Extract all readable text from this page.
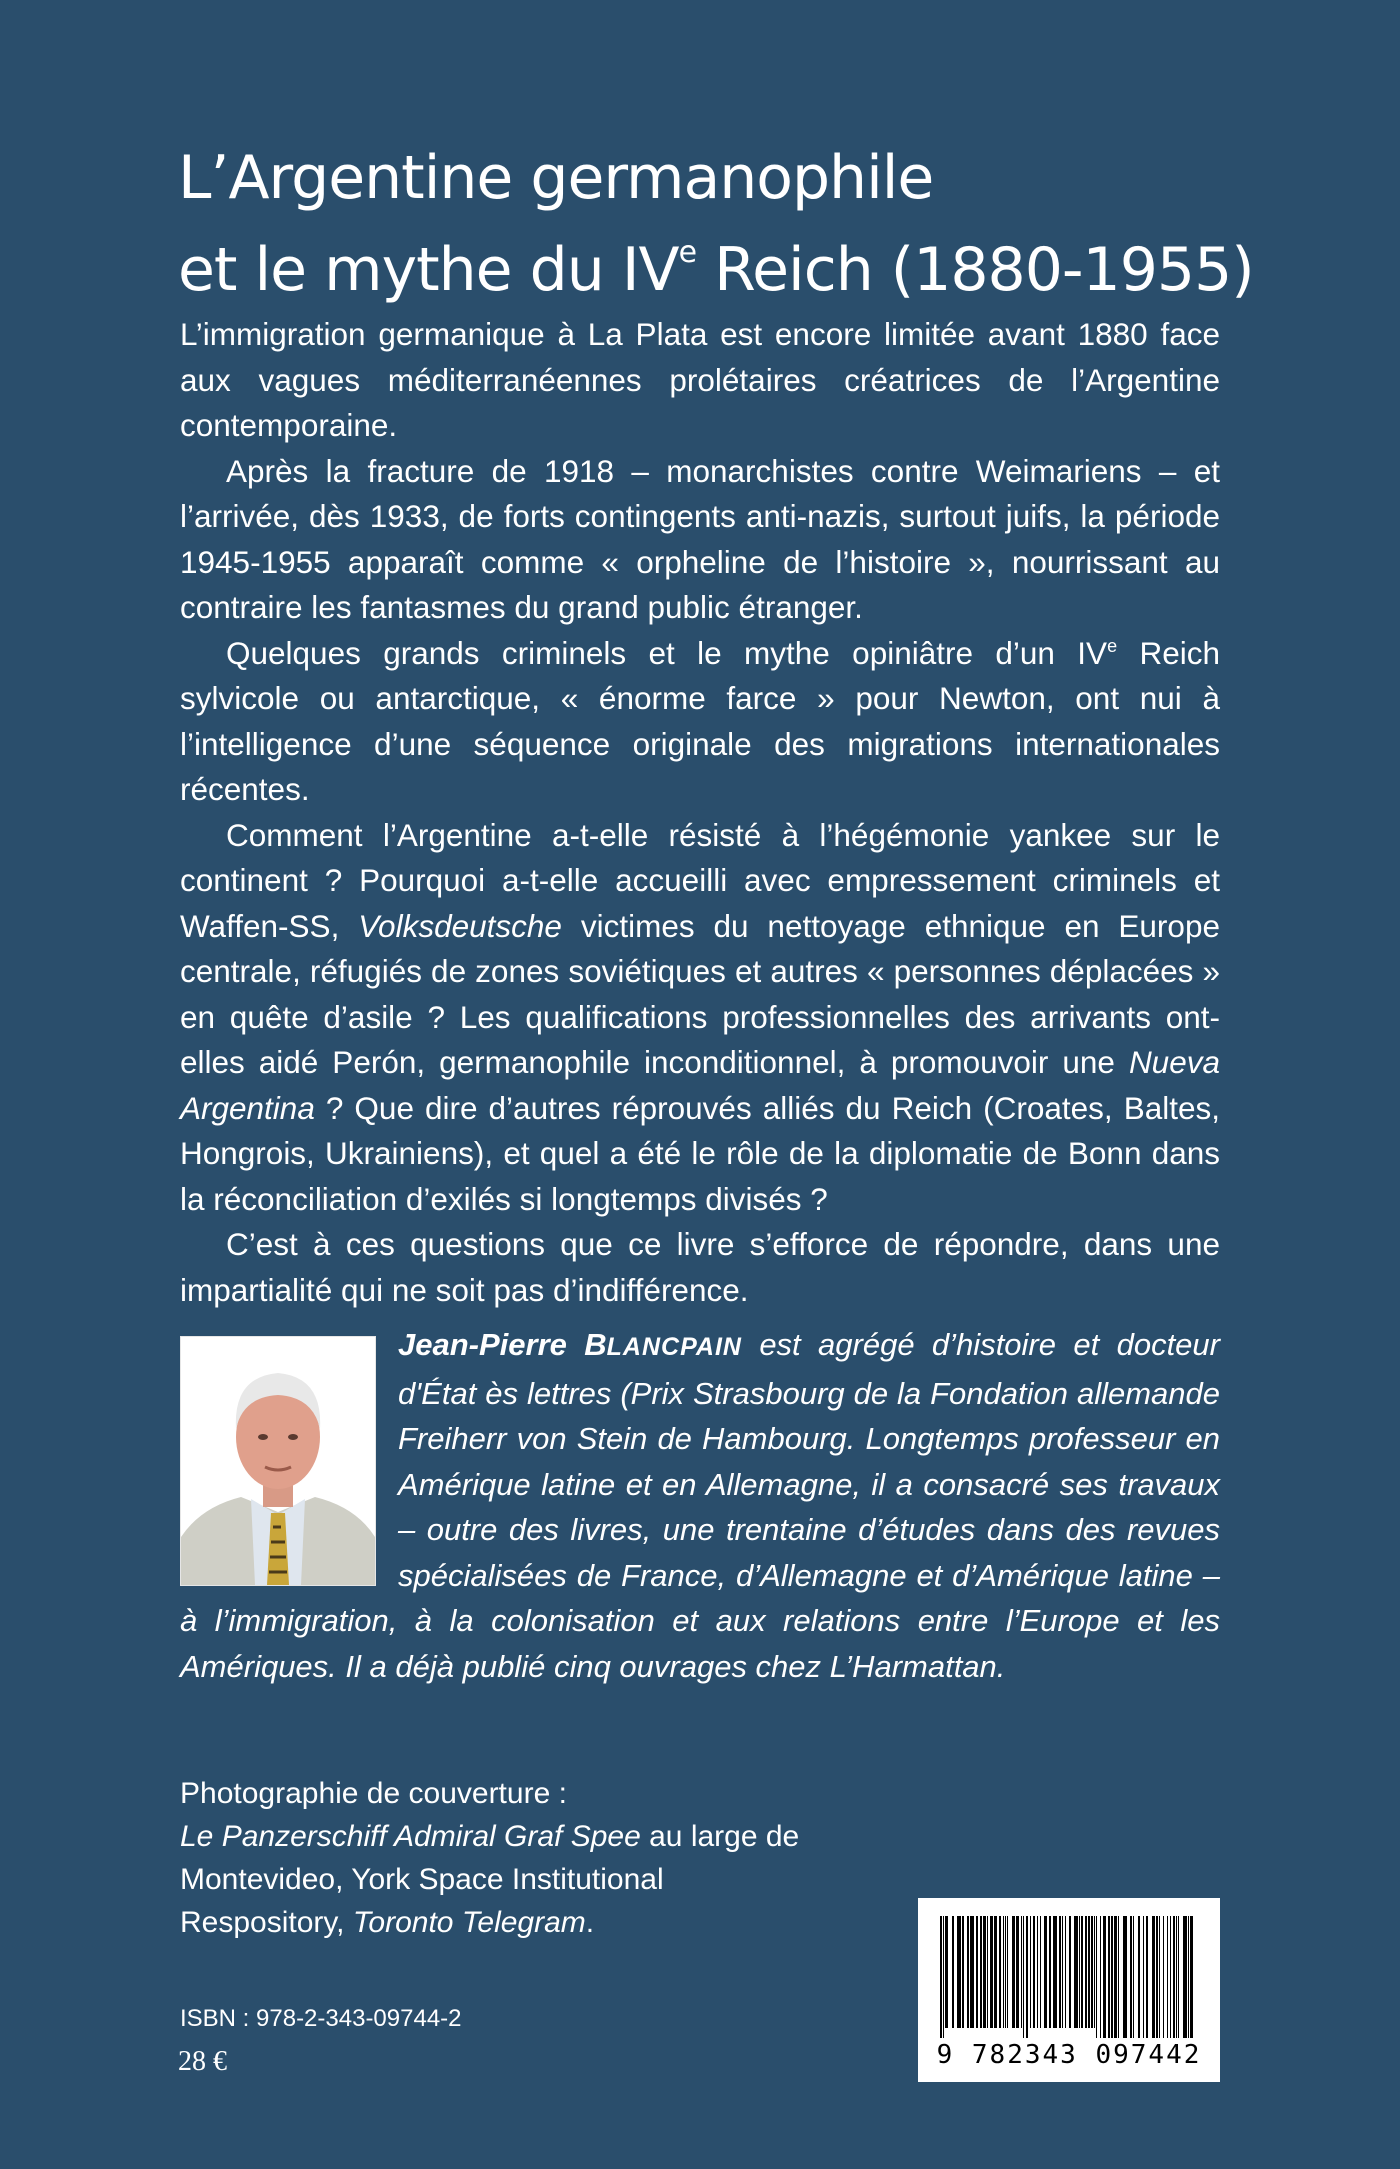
L’Argentine germanophile
et le mythe du IVe Reich (1880-1955)

L’immigration germanique à La Plata est encore limitée avant 1880 face aux vagues méditerranéennes prolétaires créatrices de l’Argentine contemporaine.

Après la fracture de 1918 – monarchistes contre Weimariens – et l’arrivée, dès 1933, de forts contingents anti-nazis, surtout juifs, la période 1945-1955 apparaît comme « orpheline de l’histoire », nourrissant au contraire les fantasmes du grand public étranger.

Quelques grands criminels et le mythe opiniâtre d’un IVe Reich sylvicole ou antarctique, « énorme farce » pour Newton, ont nui à l’intelligence d’une séquence originale des migrations internationales récentes.

Comment l’Argentine a-t-elle résisté à l’hégémonie yankee sur le continent ? Pourquoi a-t-elle accueilli avec empressement criminels et Waffen-SS, Volksdeutsche victimes du nettoyage ethnique en Europe centrale, réfugiés de zones soviétiques et autres « personnes déplacées » en quête d’asile ? Les qualifications professionnelles des arrivants ont-elles aidé Perón, germanophile inconditionnel, à promouvoir une Nueva Argentina ? Que dire d’autres réprouvés alliés du Reich (Croates, Baltes, Hongrois, Ukrainiens), et quel a été le rôle de la diplomatie de Bonn dans la réconciliation d’exilés si longtemps divisés ?

C’est à ces questions que ce livre s’efforce de répondre, dans une impartialité qui ne soit pas d’indifférence.

Jean-Pierre BLANCPAIN est agrégé d’histoire et docteur d'État ès lettres (Prix Strasbourg de la Fondation allemande Freiherr von Stein de Hambourg. Longtemps professeur en Amérique latine et en Allemagne, il a consacré ses travaux – outre des livres, une trentaine d’études dans des revues spécialisées de France, d’Allemagne et d’Amérique latine – à l’immigration, à la colonisation et aux relations entre l’Europe et les Amériques. Il a déjà publié cinq ouvrages chez L’Harmattan.
Photographie de couverture :
Le Panzerschiff Admiral Graf Spee au large de Montevideo, York Space Institutional Respository, Toronto Telegram.
ISBN : 978-2-343-09744-2
28 €	9 782343 097442
